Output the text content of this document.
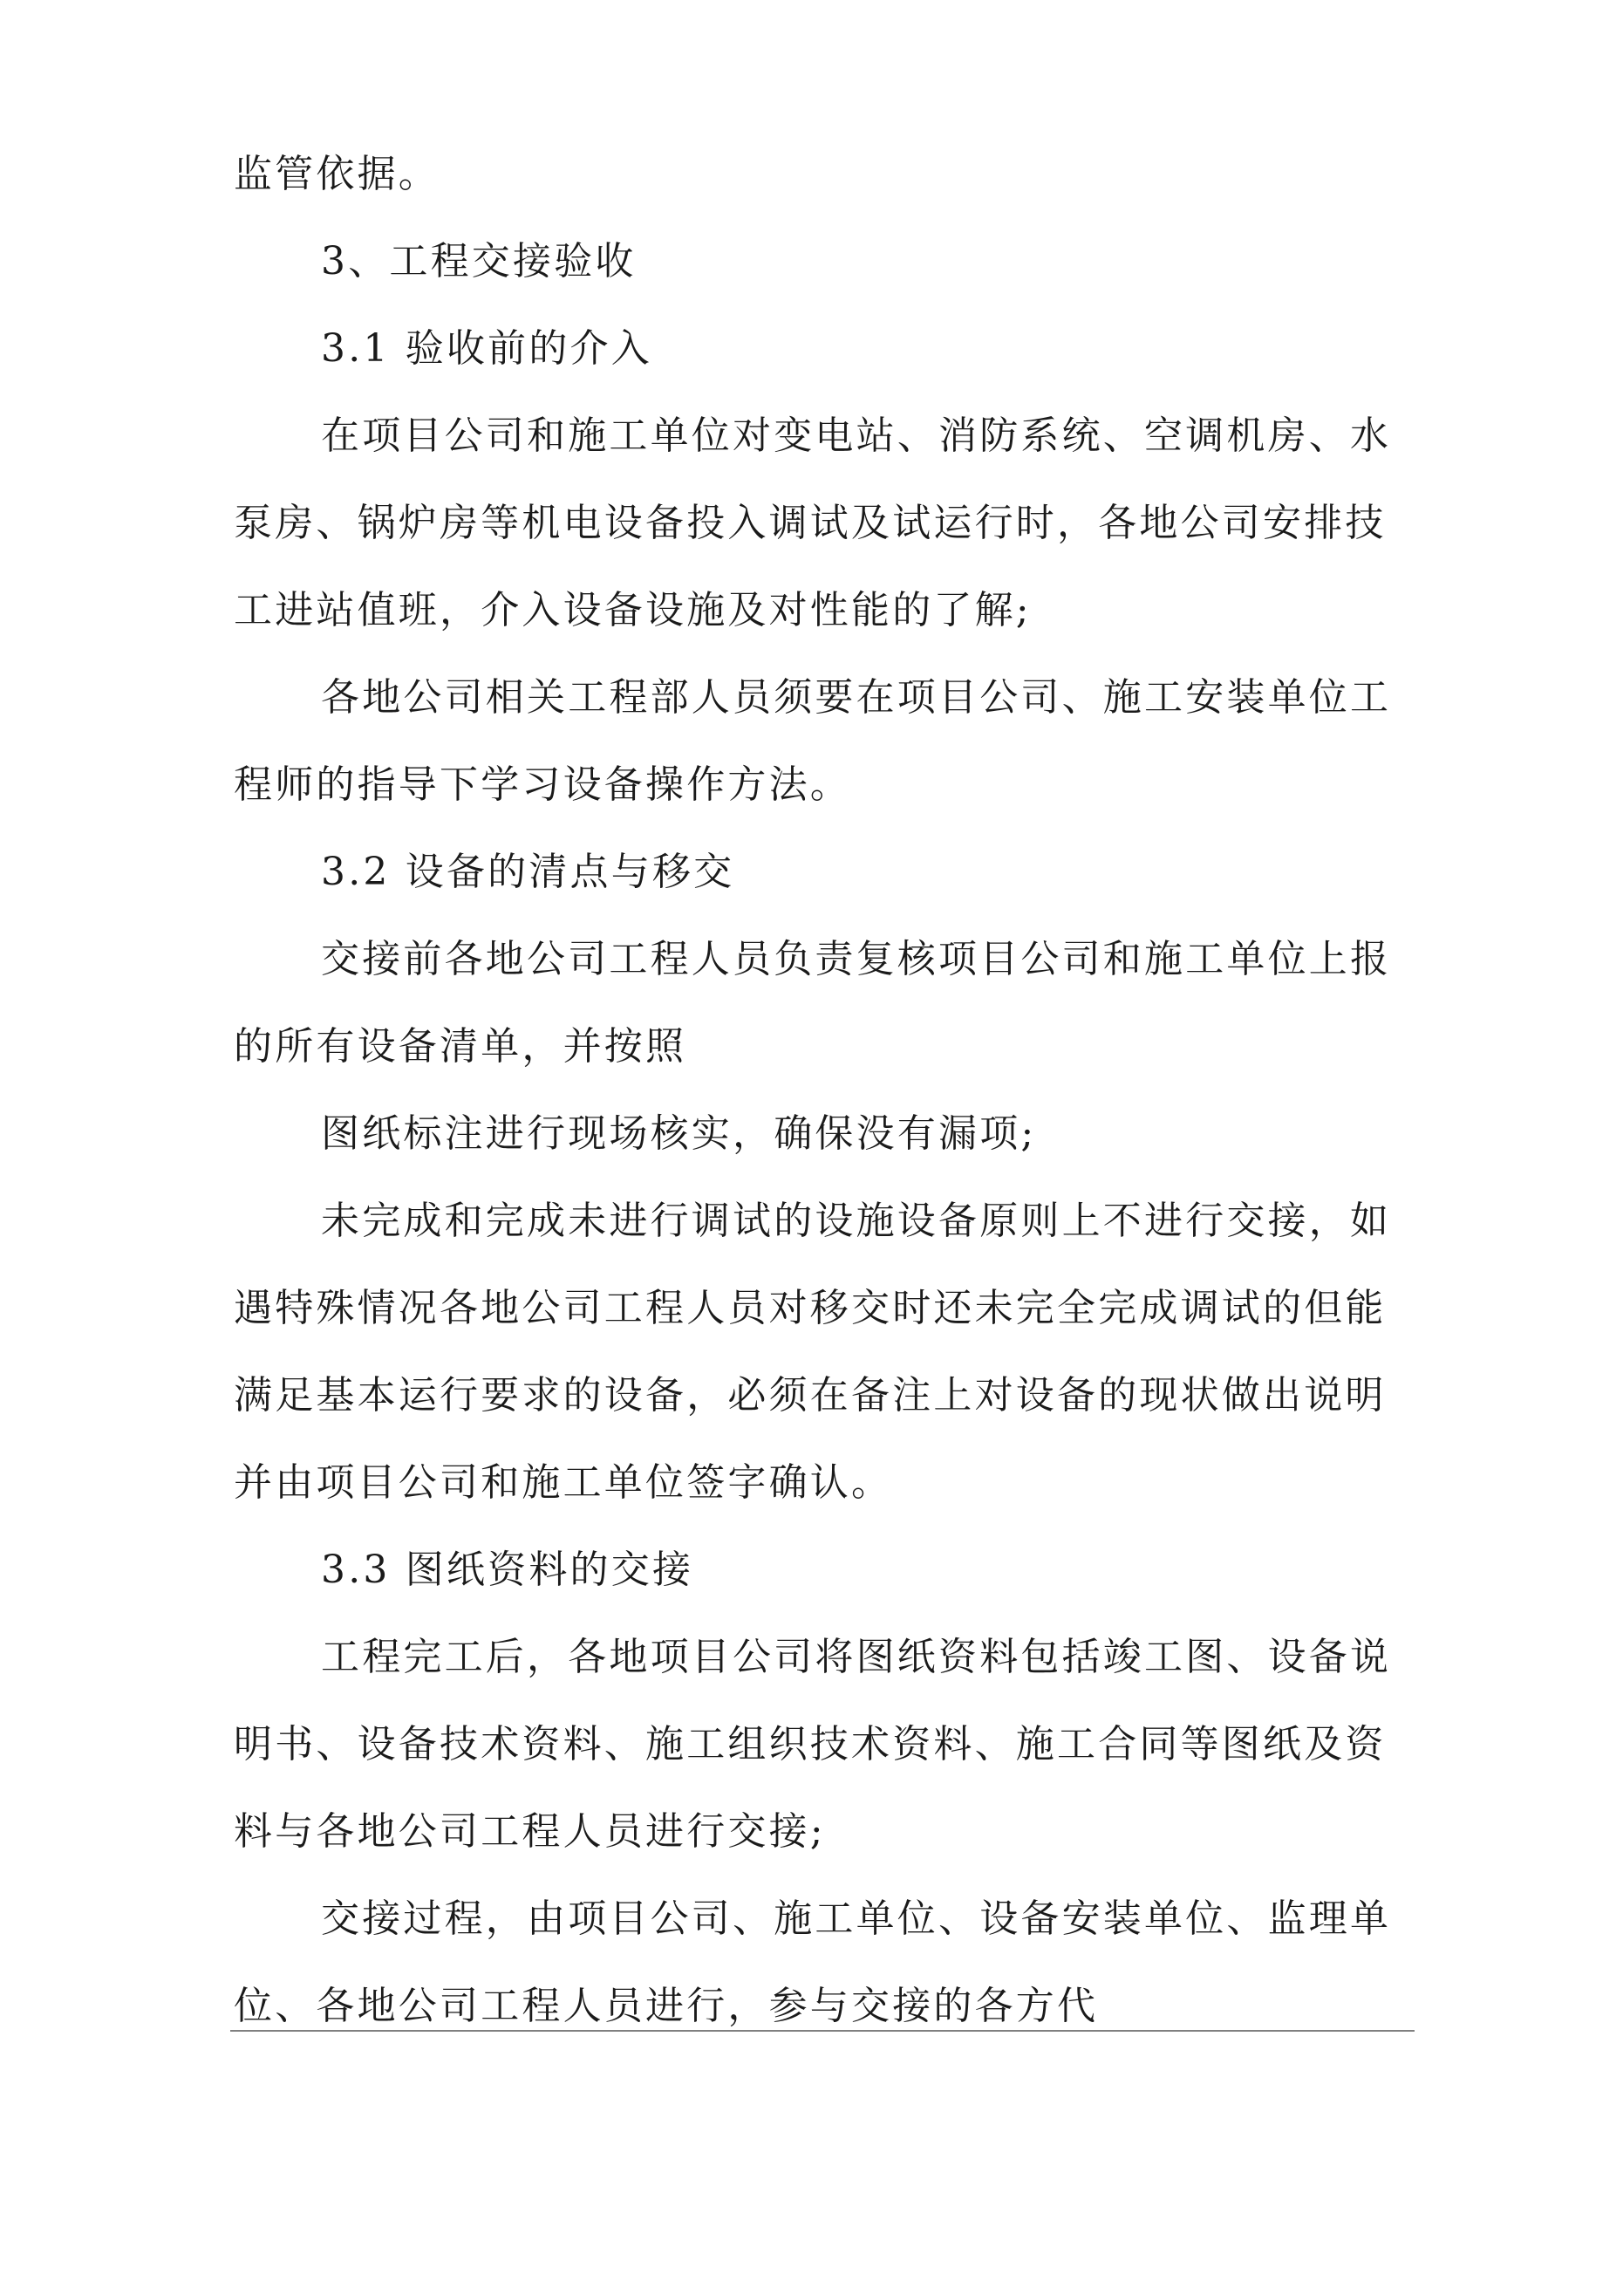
监管依据。
3、工程交接验收
3.1 验收前的介入
在项目公司和施工单位对变电站、消防系统、空调机房、水
泵房、锅炉房等机电设备投入调试及试运行时，各地公司安排技
工进站值班，介入设备设施及对性能的了解;
各地公司相关工程部人员须要在项目公司、施工安装单位工
程师的指导下学习设备操作方法。
3.2 设备的清点与移交
交接前各地公司工程人员负责复核项目公司和施工单位上报
的所有设备清单，并按照
图纸标注进行现场核实，确保没有漏项;
未完成和完成未进行调试的设施设备原则上不进行交接，如
遇特殊情况各地公司工程人员对移交时还未完全完成调试的但能
满足基本运行要求的设备，必须在备注上对设备的现状做出说明
并由项目公司和施工单位签字确认。
3.3 图纸资料的交接
工程完工后，各地项目公司将图纸资料包括竣工图、设备说
明书、设备技术资料、施工组织技术资料、施工合同等图纸及资
料与各地公司工程人员进行交接;
交接过程，由项目公司、施工单位、设备安装单位、监理单
位、各地公司工程人员进行，参与交接的各方代
